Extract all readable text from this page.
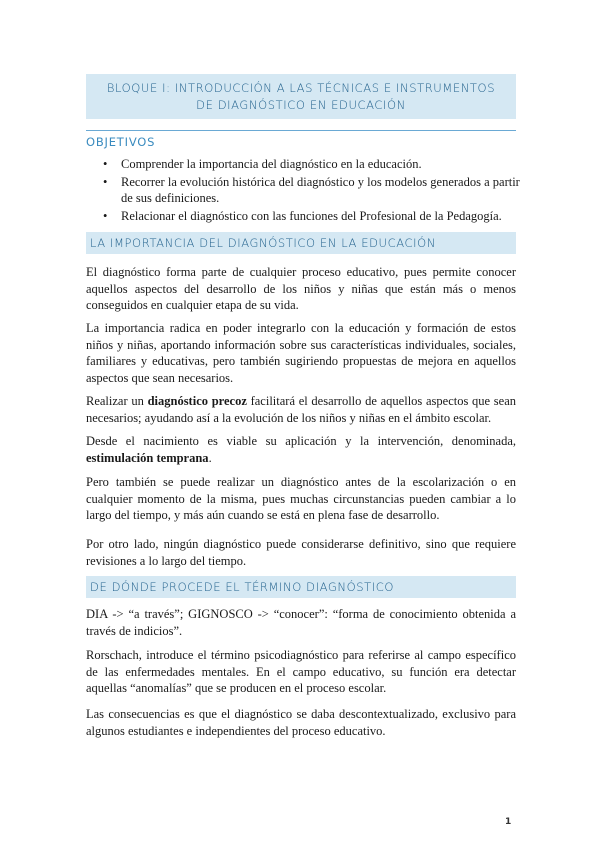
BLOQUE I: INTRODUCCIÓN A LAS TÉCNICAS E INSTRUMENTOS
DE DIAGNÓSTICO EN EDUCACIÓN
OBJETIVOS
• Comprender la importancia del diagnóstico en la educación.
• Recorrer la evolución histórica del diagnóstico y los modelos generados a partir de sus definiciones.
• Relacionar el diagnóstico con las funciones del Profesional de la Pedagogía.
LA IMPORTANCIA DEL DIAGNÓSTICO EN LA EDUCACIÓN

El diagnóstico forma parte de cualquier proceso educativo, pues permite conocer aquellos aspectos del desarrollo de los niños y niñas que están más o menos conseguidos en cualquier etapa de su vida.

La importancia radica en poder integrarlo con la educación y formación de estos niños y niñas, aportando información sobre sus características individuales, sociales, familiares y educativas, pero también sugiriendo propuestas de mejora en aquellos aspectos que sean necesarios.

Realizar un diagnóstico precoz facilitará el desarrollo de aquellos aspectos que sean necesarios; ayudando así a la evolución de los niños y niñas en el ámbito escolar.

Desde el nacimiento es viable su aplicación y la intervención, denominada, estimulación temprana.

Pero también se puede realizar un diagnóstico antes de la escolarización o en cualquier momento de la misma, pues muchas circunstancias pueden cambiar a lo largo del tiempo, y más aún cuando se está en plena fase de desarrollo.

Por otro lado, ningún diagnóstico puede considerarse definitivo, sino que requiere revisiones a lo largo del tiempo.

DE DÓNDE PROCEDE EL TÉRMINO DIAGNÓSTICO

DIA -> “a través”; GIGNOSCO -> “conocer”: “forma de conocimiento obtenida a través de indicios”.

Rorschach, introduce el término psicodiagnóstico para referirse al campo específico de las enfermedades mentales. En el campo educativo, su función era detectar aquellas “anomalías” que se producen en el proceso escolar.

Las consecuencias es que el diagnóstico se daba descontextualizado, exclusivo para algunos estudiantes e independientes del proceso educativo.

1
